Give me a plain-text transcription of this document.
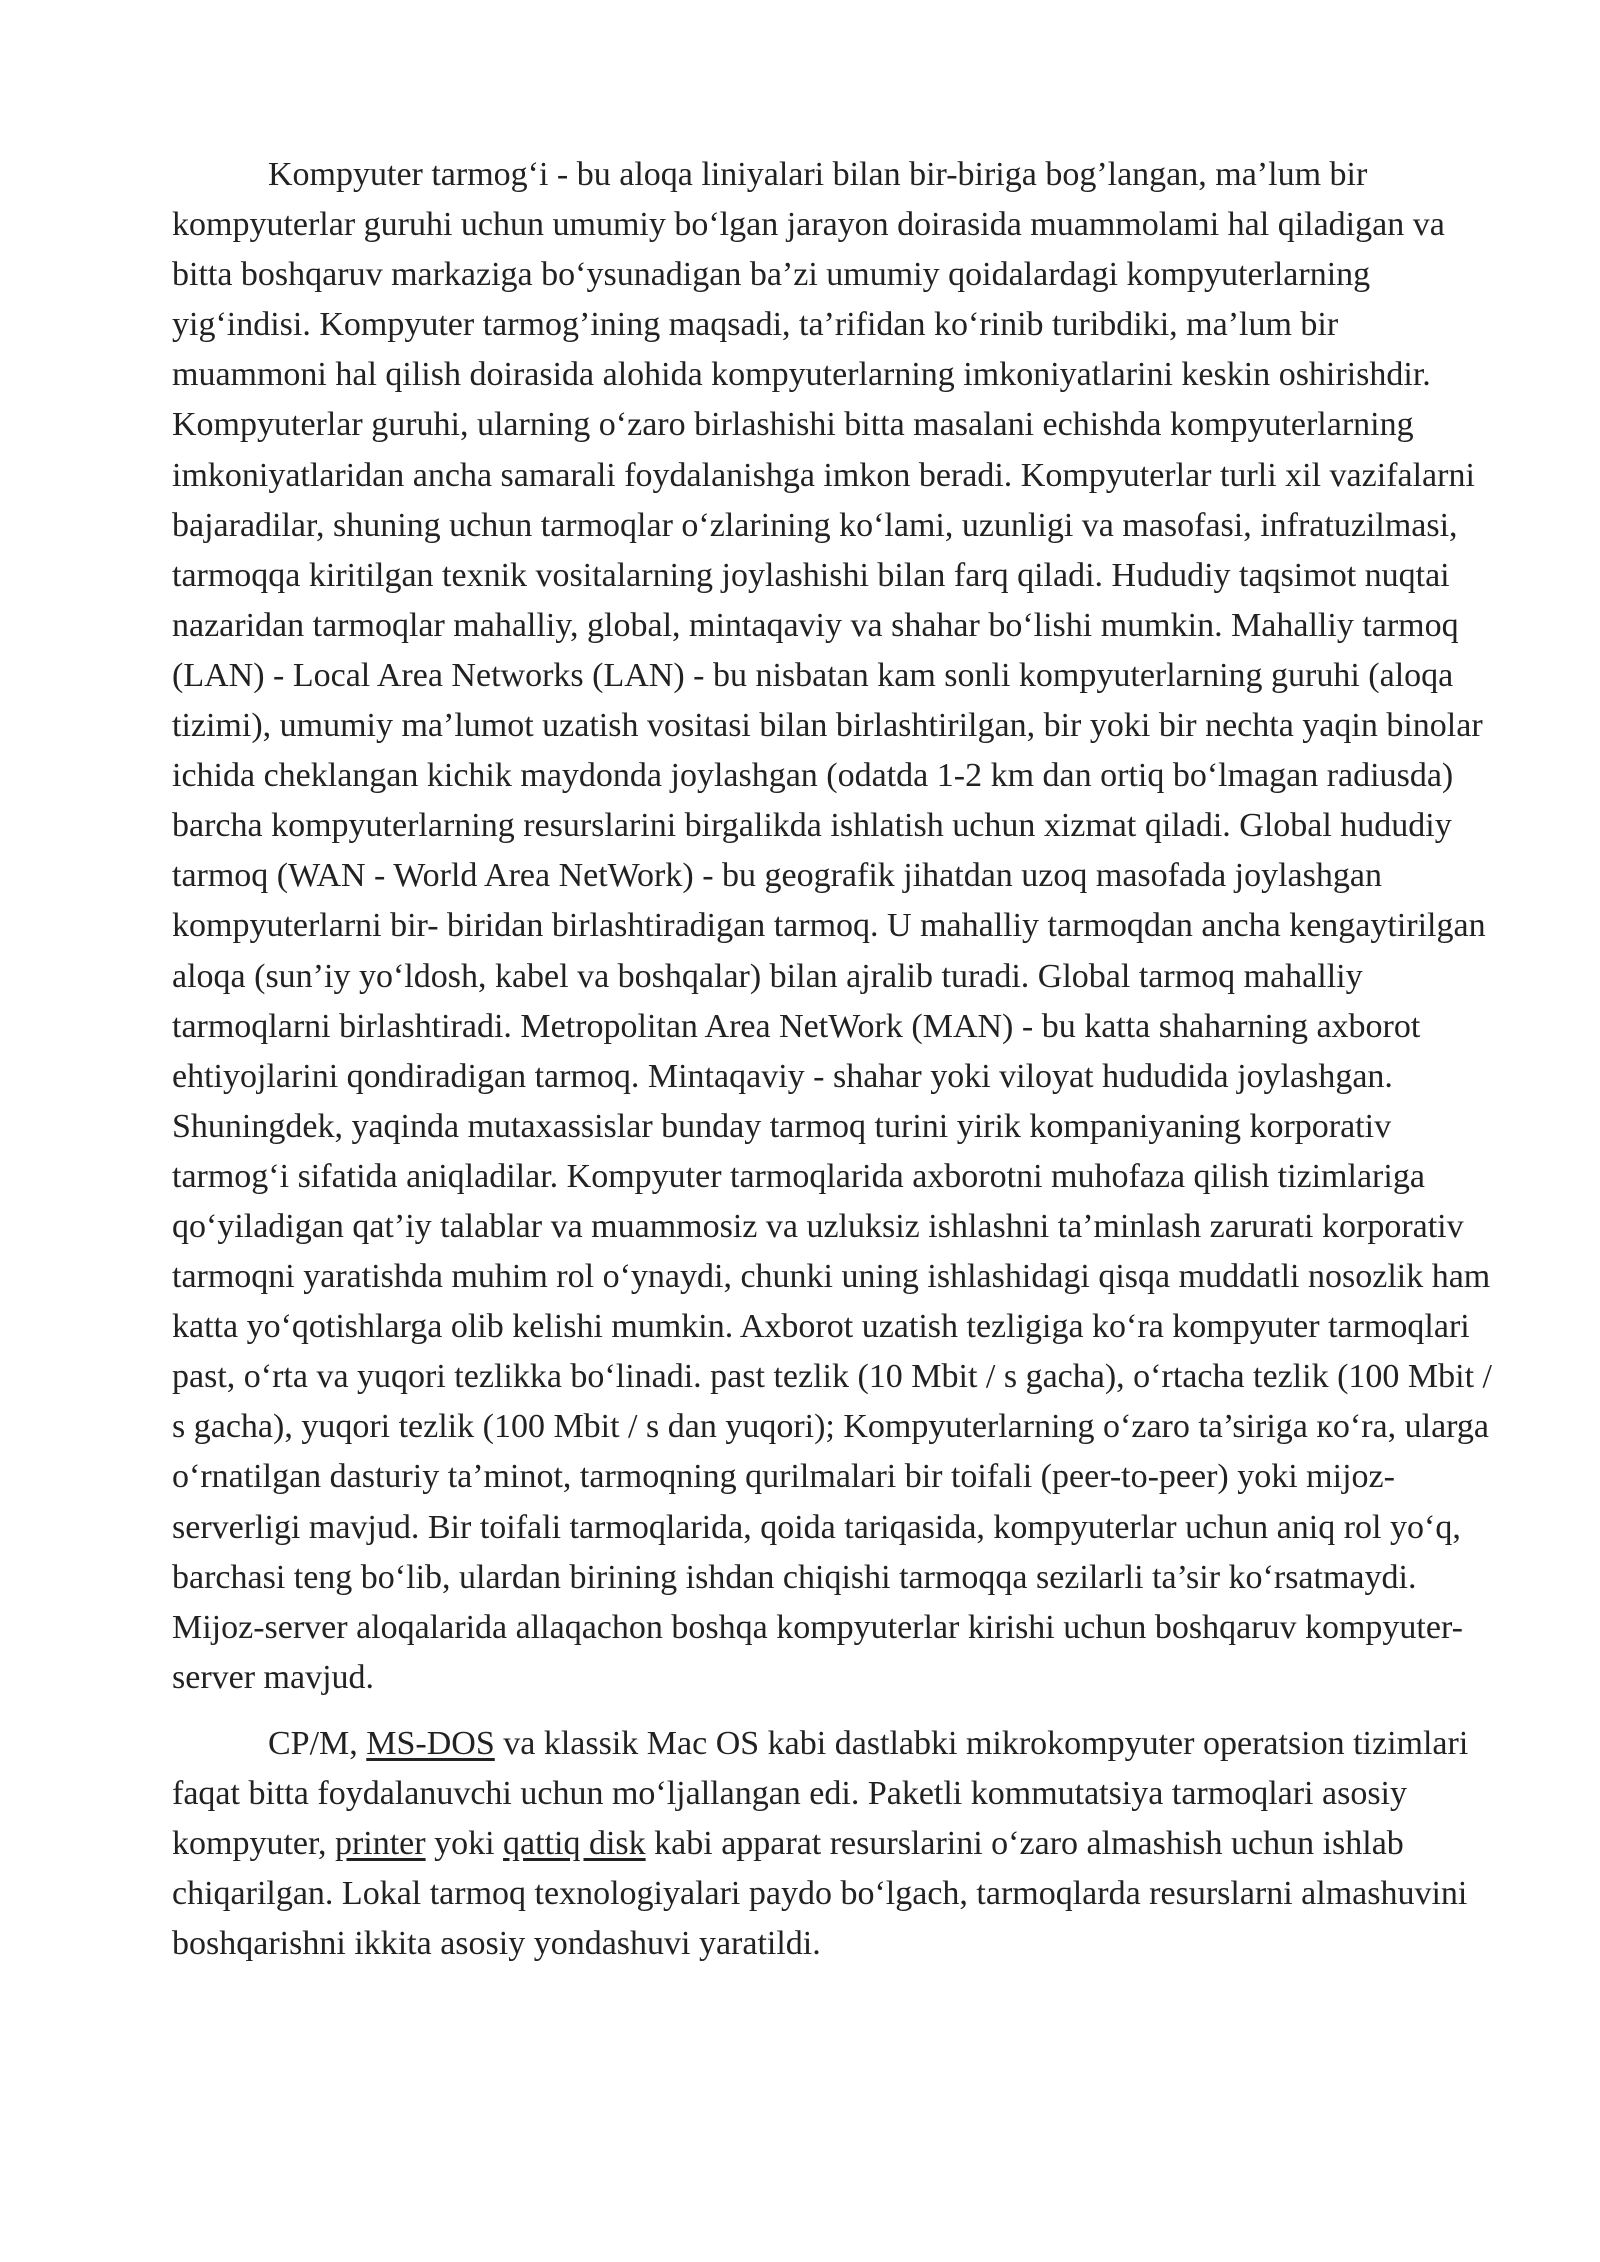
Kompyuter tarmog‘i - bu aloqa liniyalari bilan bir-biriga bog’langan, ma’lum bir kompyuterlar guruhi uchun umumiy bo‘lgan jarayon doirasida muammolami hal qiladigan va bitta boshqaruv markaziga bo‘ysunadigan ba’zi umumiy qoidalardagi kompyuterlarning yig‘indisi. Kompyuter tarmog’ining maqsadi, ta’rifidan ko‘rinib turibdiki, ma’lum bir muammoni hal qilish doirasida alohida kompyuterlarning imkoniyatlarini keskin oshirishdir. Kompyuterlar guruhi, ularning o‘zaro birlashishi bitta masalani echishda kompyuterlarning imkoniyatlaridan ancha samarali foydalanishga imkon beradi. Kompyuterlar turli xil vazifalarni bajaradilar, shuning uchun tarmoqlar o‘zlarining ko‘lami, uzunligi va masofasi, infratuzilmasi, tarmoqqa kiritilgan texnik vositalarning joylashishi bilan farq qiladi. Hududiy taqsimot nuqtai nazaridan tarmoqlar mahalliy, global, mintaqaviy va shahar bo‘lishi mumkin. Mahalliy tarmoq (LAN) - Local Area Networks (LAN) - bu nisbatan kam sonli kompyuterlarning guruhi (aloqa tizimi), umumiy ma’lumot uzatish vositasi bilan birlashtirilgan, bir yoki bir nechta yaqin binolar ichida cheklangan kichik maydonda joylashgan (odatda 1-2 km dan ortiq bo‘lmagan radiusda) barcha kompyuterlarning resurslarini birgalikda ishlatish uchun xizmat qiladi. Global hududiy tarmoq (WAN - World Area NetWork) - bu geografik jihatdan uzoq masofada joylashgan kompyuterlarni bir- biridan birlashtiradigan tarmoq. U mahalliy tarmoqdan ancha kengaytirilgan aloqa (sun’iy yo‘ldosh, kabel va boshqalar) bilan ajralib turadi. Global tarmoq mahalliy tarmoqlarni birlashtiradi. Metropolitan Area NetWork (MAN) - bu katta shaharning axborot ehtiyojlarini qondiradigan tarmoq. Mintaqaviy - shahar yoki viloyat hududida joylashgan. Shuningdek, yaqinda mutaxassislar bunday tarmoq turini yirik kompaniyaning korporativ tarmog‘i sifatida aniqladilar. Kompyuter tarmoqlarida axborotni muhofaza qilish tizimlariga qo‘yiladigan qat’iy talablar va muammosiz va uzluksiz ishlashni ta’minlash zarurati korporativ tarmoqni yaratishda muhim rol o‘ynaydi, chunki uning ishlashidagi qisqa muddatli nosozlik ham katta yo‘qotishlarga olib kelishi mumkin. Axborot uzatish tezligiga ko‘ra kompyuter tarmoqlari past, o‘rta va yuqori tezlikka bo‘linadi. past tezlik (10 Mbit / s gacha), o‘rtacha tezlik (100 Mbit / s gacha), yuqori tezlik (100 Mbit / s dan yuqori); Kompyuterlarning o‘zaro ta’siriga кo‘ra, ularga o‘rnatilgan dasturiy ta’minot, tarmoqning qurilmalari bir toifali (peer-to-peer) yoki mijoz-serverligi mavjud. Bir toifali tarmoqlarida, qoida tariqasida, kompyuterlar uchun aniq rol yo‘q, barchasi teng bo‘lib, ulardan birining ishdan chiqishi tarmoqqa sezilarli ta’sir ko‘rsatmaydi. Mijoz-server aloqalarida allaqachon boshqa kompyuterlar kirishi uchun boshqaruv kompyuter-server mavjud.

CP/M, MS-DOS va klassik Mac OS kabi dastlabki mikrokompyuter operatsion tizimlari faqat bitta foydalanuvchi uchun mo‘ljallangan edi. Paketli kommutatsiya tarmoqlari asosiy kompyuter, printer yoki qattiq disk kabi apparat resurslarini o‘zaro almashish uchun ishlab chiqarilgan. Lokal tarmoq texnologiyalari paydo bo‘lgach, tarmoqlarda resurslarni almashuvini boshqarishni ikkita asosiy yondashuvi yaratildi.
